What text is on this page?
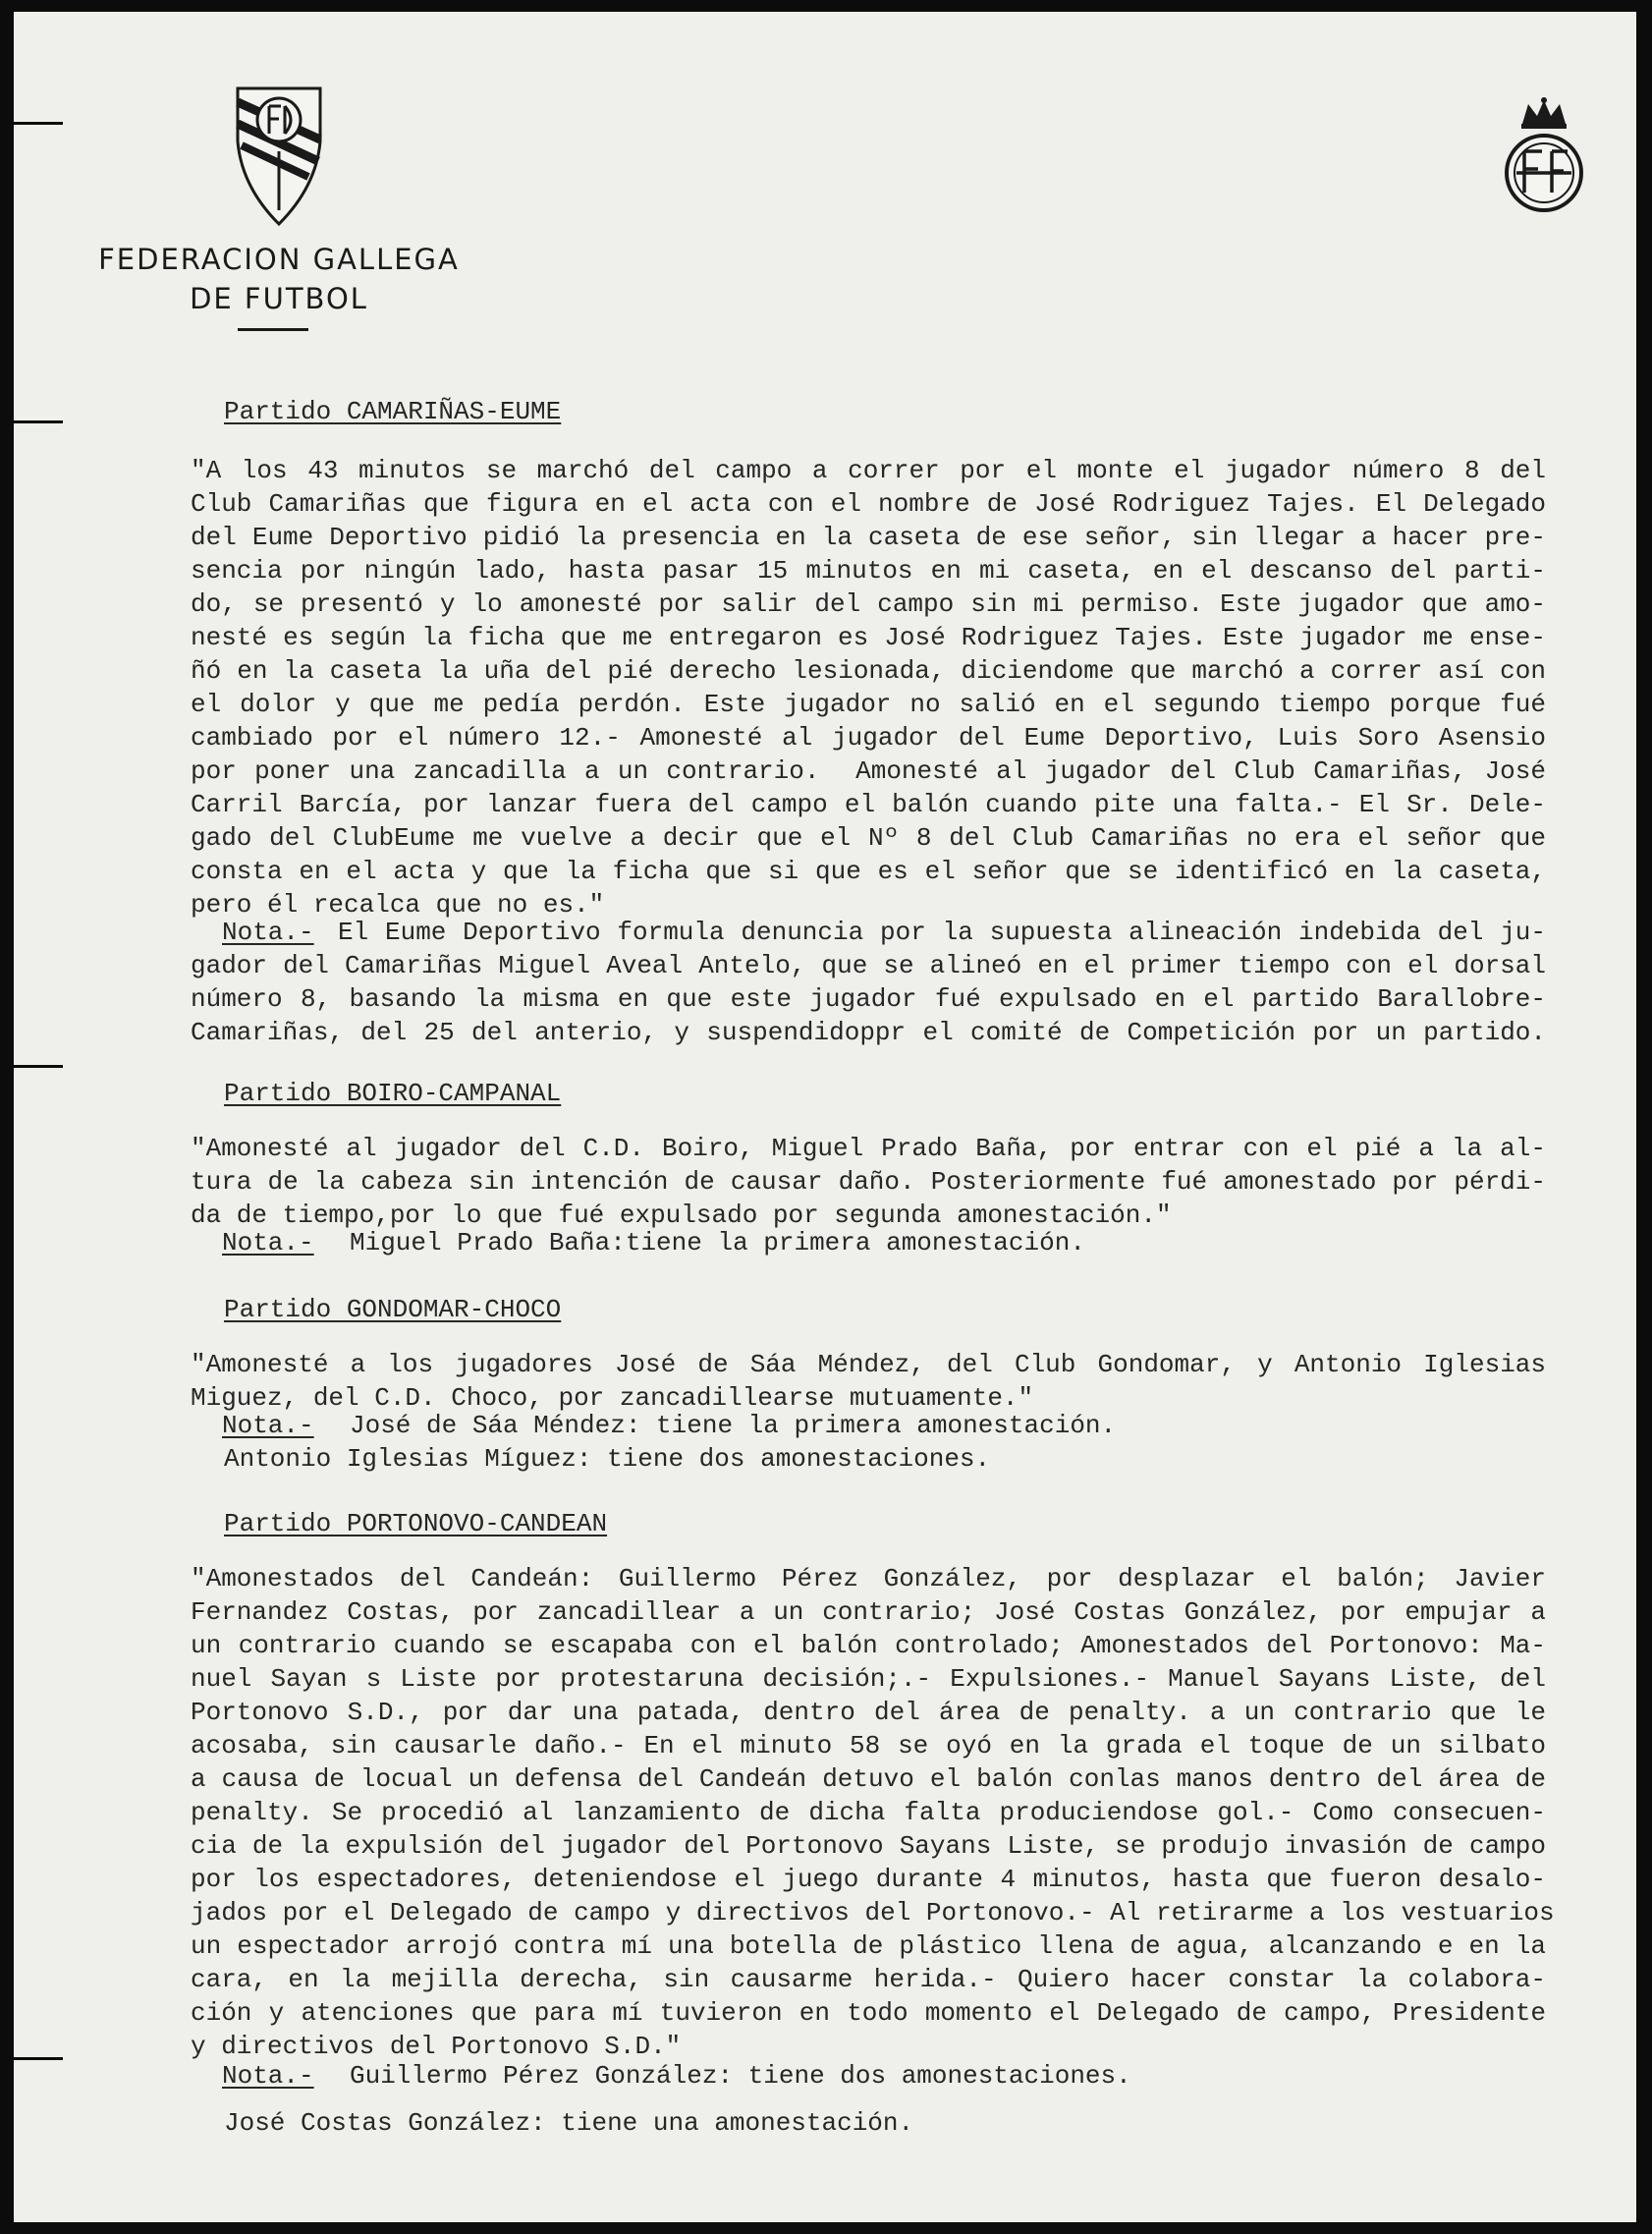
FEDERACION GALLEGA
DE FUTBOL
Partido CAMARIÑAS-EUME
"A los 43 minutos se marchó del campo a correr por el monte el jugador número 8 del
Club Camariñas que figura en el acta con el nombre de José Rodriguez Tajes. El Delegado
del Eume Deportivo pidió la presencia en la caseta de ese señor, sin llegar a hacer pre-
sencia por ningún lado, hasta pasar 15 minutos en mi caseta, en el descanso del parti-
do, se presentó y lo amonesté por salir del campo sin mi permiso. Este jugador que amo-
nesté es según la ficha que me entregaron es José Rodriguez Tajes. Este jugador me ense-
ñó en la caseta la uña del pié derecho lesionada, diciendome que marchó a correr así con
el dolor y que me pedía perdón. Este jugador no salió en el segundo tiempo porque fué
cambiado por el número 12.- Amonesté al jugador del Eume Deportivo, Luis Soro Asensio
por poner una zancadilla a un contrario.  Amonesté al jugador del Club Camariñas, José
Carril Barcía, por lanzar fuera del campo el balón cuando pite una falta.- El Sr. Dele-
gado del ClubEume me vuelve a decir que el Nº 8 del Club Camariñas no era el señor que
consta en el acta y que la ficha que si que es el señor que se identificó en la caseta,
pero él recalca que no es."
Nota.- El Eume Deportivo formula denuncia por la supuesta alineación indebida del ju-
gador del Camariñas Miguel Aveal Antelo, que se alineó en el primer tiempo con el dorsal
número 8, basando la misma en que este jugador fué expulsado en el partido Barallobre-
Camariñas, del 25 del anterio, y suspendidoppr el comité de Competición por un partido.
Partido BOIRO-CAMPANAL
"Amonesté al jugador del C.D. Boiro, Miguel Prado Baña, por entrar con el pié a la al-
tura de la cabeza sin intención de causar daño. Posteriormente fué amonestado por pérdi-
da de tiempo,por lo que fué expulsado por segunda amonestación."
Nota.- Miguel Prado Baña:tiene la primera amonestación.
Partido GONDOMAR-CHOCO
"Amonesté a los jugadores José de Sáa Méndez, del Club Gondomar, y Antonio Iglesias
Miguez, del C.D. Choco, por zancadillearse mutuamente."
Nota.- José de Sáa Méndez: tiene la primera amonestación.
Antonio Iglesias Míguez: tiene dos amonestaciones.
Partido PORTONOVO-CANDEAN
"Amonestados del Candeán: Guillermo Pérez González, por desplazar el balón; Javier
Fernandez Costas, por zancadillear a un contrario; José Costas González, por empujar a
un contrario cuando se escapaba con el balón controlado; Amonestados del Portonovo: Ma-
nuel Sayan s Liste por protestaruna decisión;.- Expulsiones.- Manuel Sayans Liste, del
Portonovo S.D., por dar una patada, dentro del área de penalty. a un contrario que le
acosaba, sin causarle daño.- En el minuto 58 se oyó en la grada el toque de un silbato
a causa de locual un defensa del Candeán detuvo el balón conlas manos dentro del área de
penalty. Se procedió al lanzamiento de dicha falta produciendose gol.- Como consecuen-
cia de la expulsión del jugador del Portonovo Sayans Liste, se produjo invasión de campo
por los espectadores, deteniendose el juego durante 4 minutos, hasta que fueron desalo-
jados por el Delegado de campo y directivos del Portonovo.- Al retirarme a los vestuarios
un espectador arrojó contra mí una botella de plástico llena de agua, alcanzando e en la
cara, en la mejilla derecha, sin causarme herida.- Quiero hacer constar la colabora-
ción y atenciones que para mí tuvieron en todo momento el Delegado de campo, Presidente
y directivos del Portonovo S.D."
Nota.- Guillermo Pérez González: tiene dos amonestaciones.
José Costas González: tiene una amonestación.
